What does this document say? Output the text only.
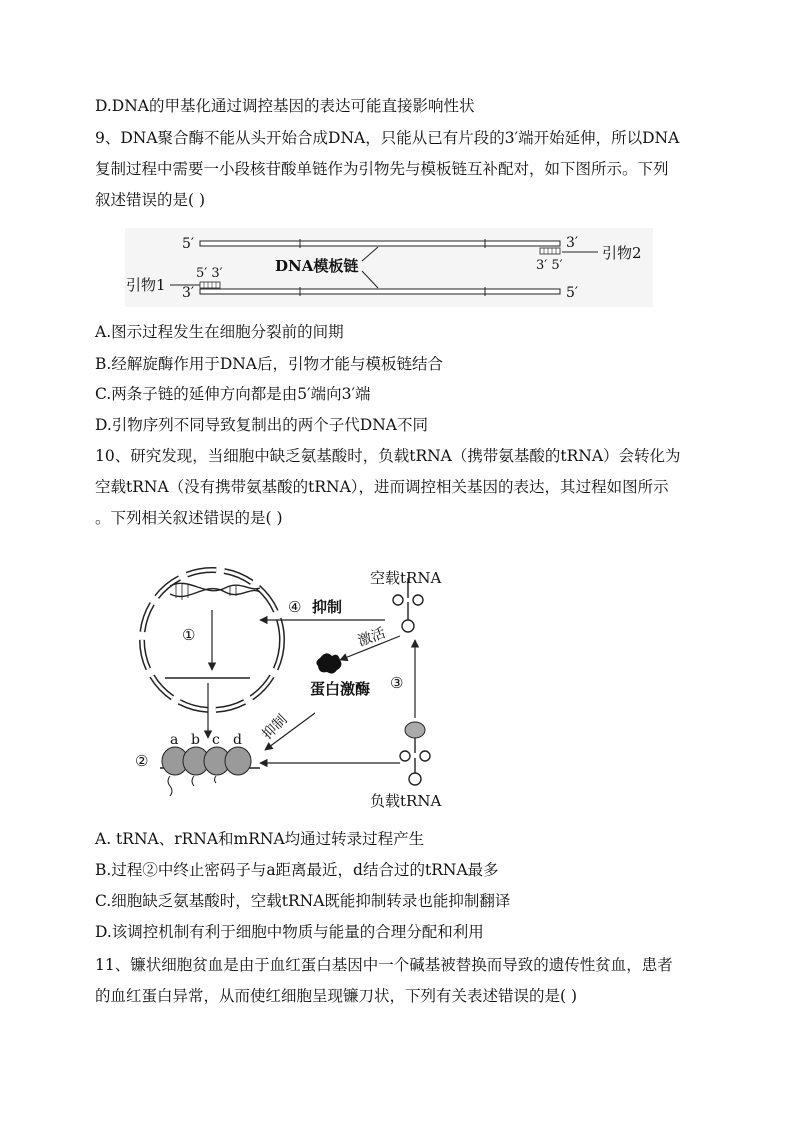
D.DNA的甲基化通过调控基因的表达可能直接影响性状
9、DNA聚合酶不能从头开始合成DNA，只能从已有片段的3′端开始延伸，所以DNA
复制过程中需要一小段核苷酸单链作为引物先与模板链互补配对，如下图所示。下列
叙述错误的是( )
5′	3′
3′	5′
DNA模板链
引物1
5′ 3′
引物2
3′ 5′
A.图示过程发生在细胞分裂前的间期
B.经解旋酶作用于DNA后，引物才能与模板链结合
C.两条子链的延伸方向都是由5′端向3′端
D.引物序列不同导致复制出的两个子代DNA不同
10、研究发现，当细胞中缺乏氨基酸时，负载tRNA（携带氨基酸的tRNA）会转化为
空载tRNA（没有携带氨基酸的tRNA），进而调控相关基因的表达，其过程如图所示
。下列相关叙述错误的是( )
空载tRNA
负载tRNA
①
②
③
④ 抑制
激活
蛋白激酶
抑制
a b c d
A. tRNA、rRNA和mRNA均通过转录过程产生
B.过程②中终止密码子与a距离最近，d结合过的tRNA最多
C.细胞缺乏氨基酸时，空载tRNA既能抑制转录也能抑制翻译
D.该调控机制有利于细胞中物质与能量的合理分配和利用
11、镰状细胞贫血是由于血红蛋白基因中一个碱基被替换而导致的遗传性贫血，患者
的血红蛋白异常，从而使红细胞呈现镰刀状，下列有关表述错误的是( )
